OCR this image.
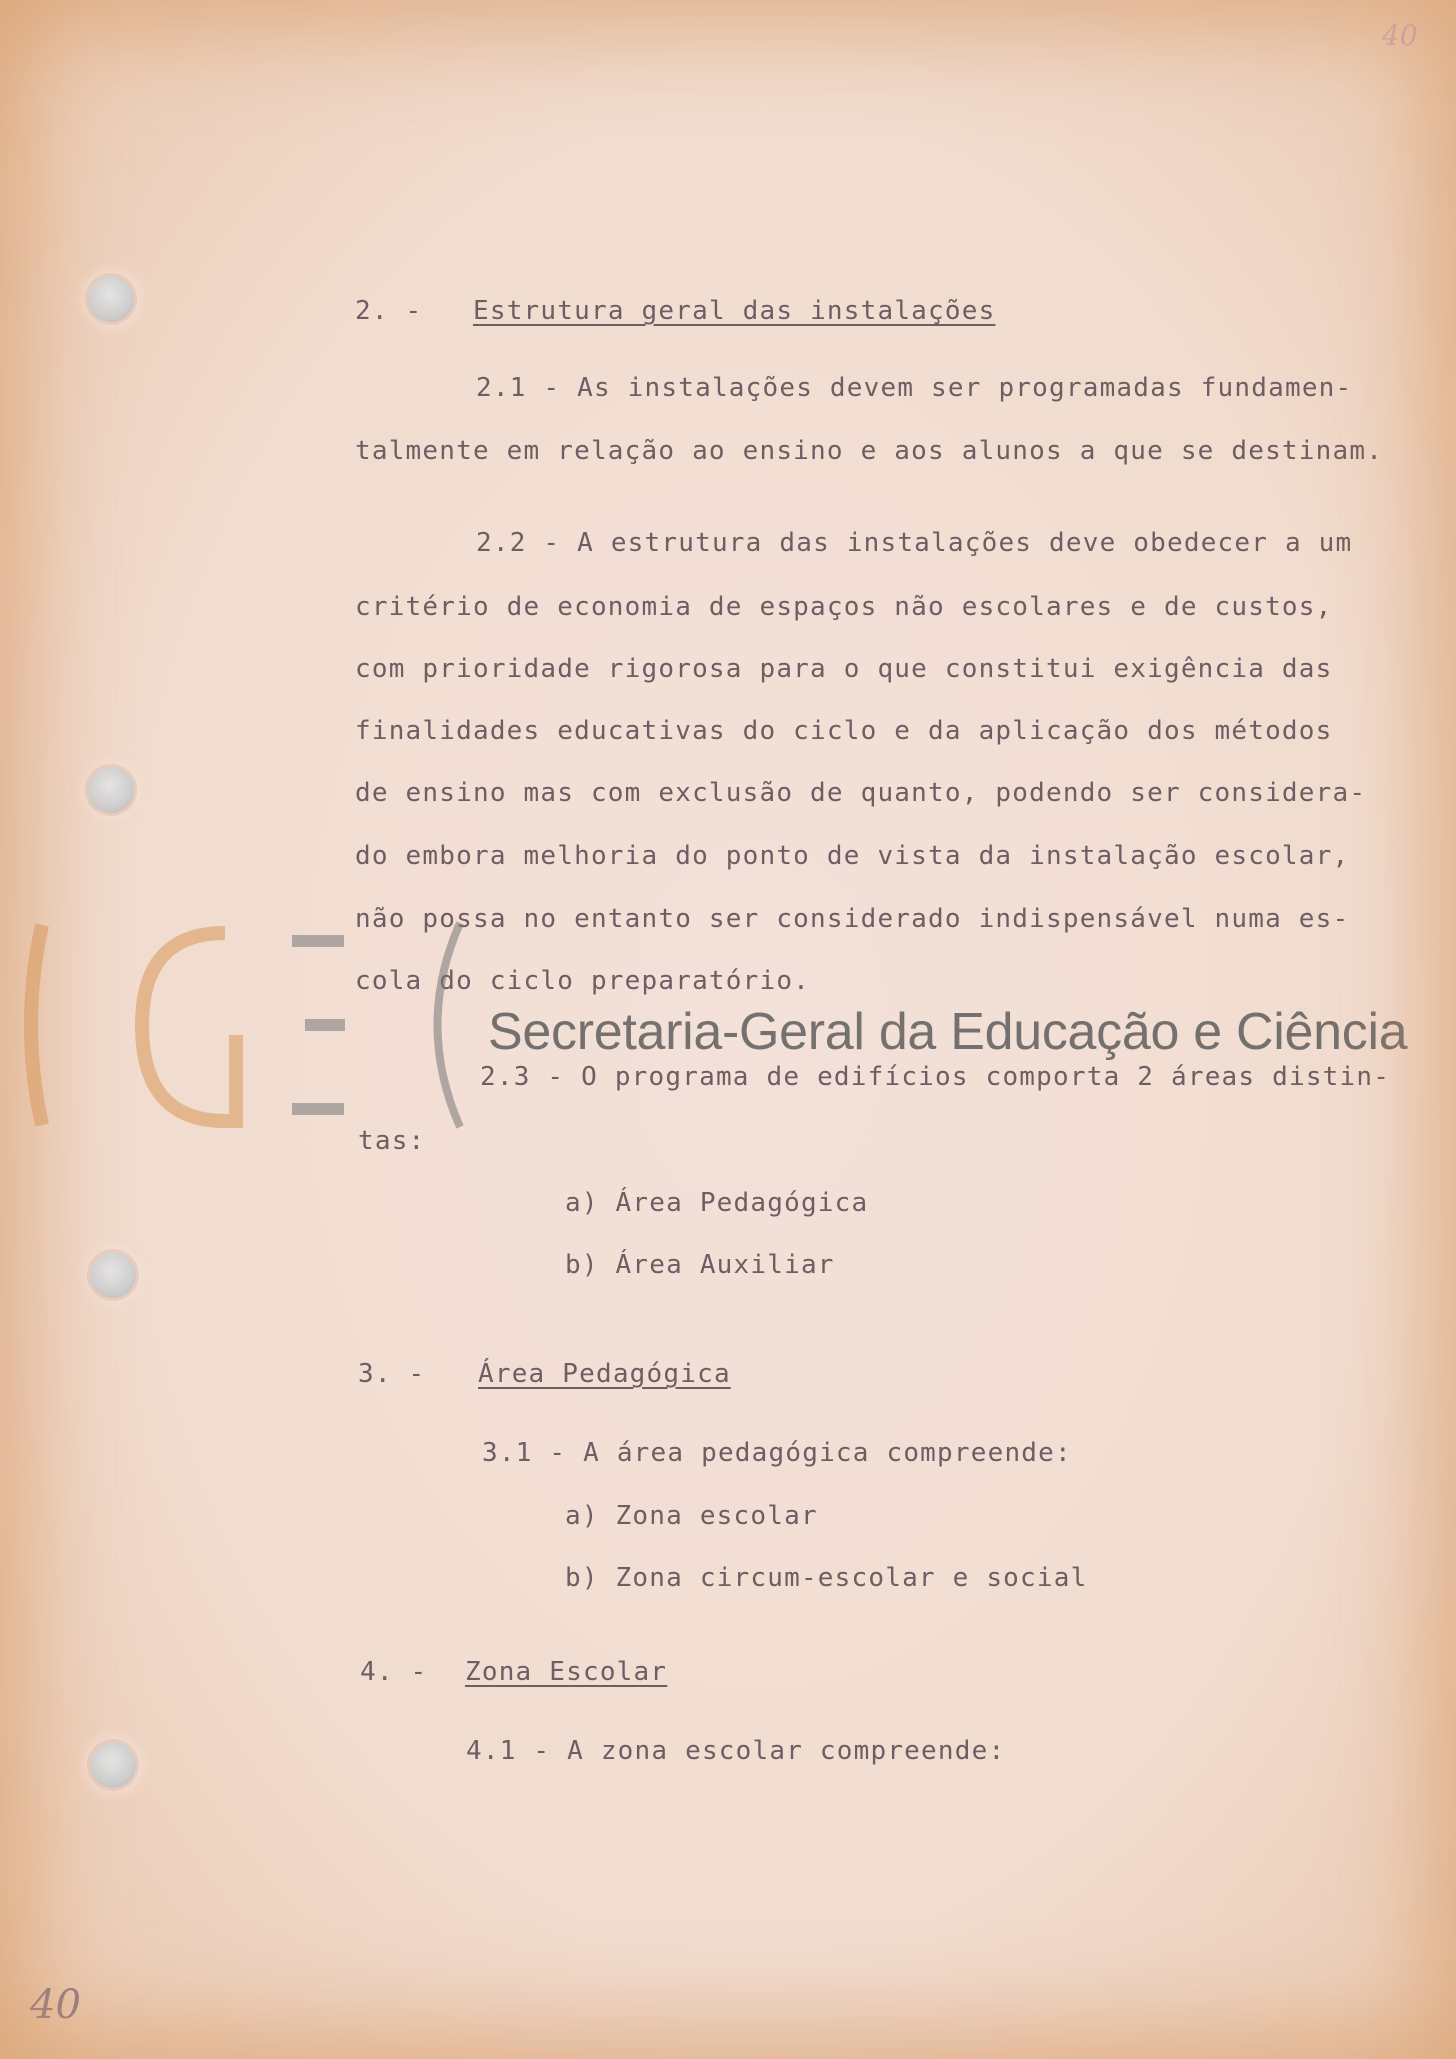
40
40
2. - Estrutura geral das instalações
2.1 - As instalações devem ser programadas fundamen-
talmente em relação ao ensino e aos alunos a que se destinam.
2.2 - A estrutura das instalações deve obedecer a um
critério de economia de espaços não escolares e de custos,
com prioridade rigorosa para o que constitui exigência das
finalidades educativas do ciclo e da aplicação dos métodos
de ensino mas com exclusão de quanto, podendo ser considera-
do embora melhoria do ponto de vista da instalação escolar,
não possa no entanto ser considerado indispensável numa es-
cola do ciclo preparatório.
2.3 - O programa de edifícios comporta 2 áreas distin-
tas:
a) Área Pedagógica
b) Área Auxiliar
3. - Área Pedagógica
3.1 - A área pedagógica compreende:
a) Zona escolar
b) Zona circum-escolar e social
4. - Zona Escolar
4.1 - A zona escolar compreende:
Secretaria-Geral da Educação e Ciência
